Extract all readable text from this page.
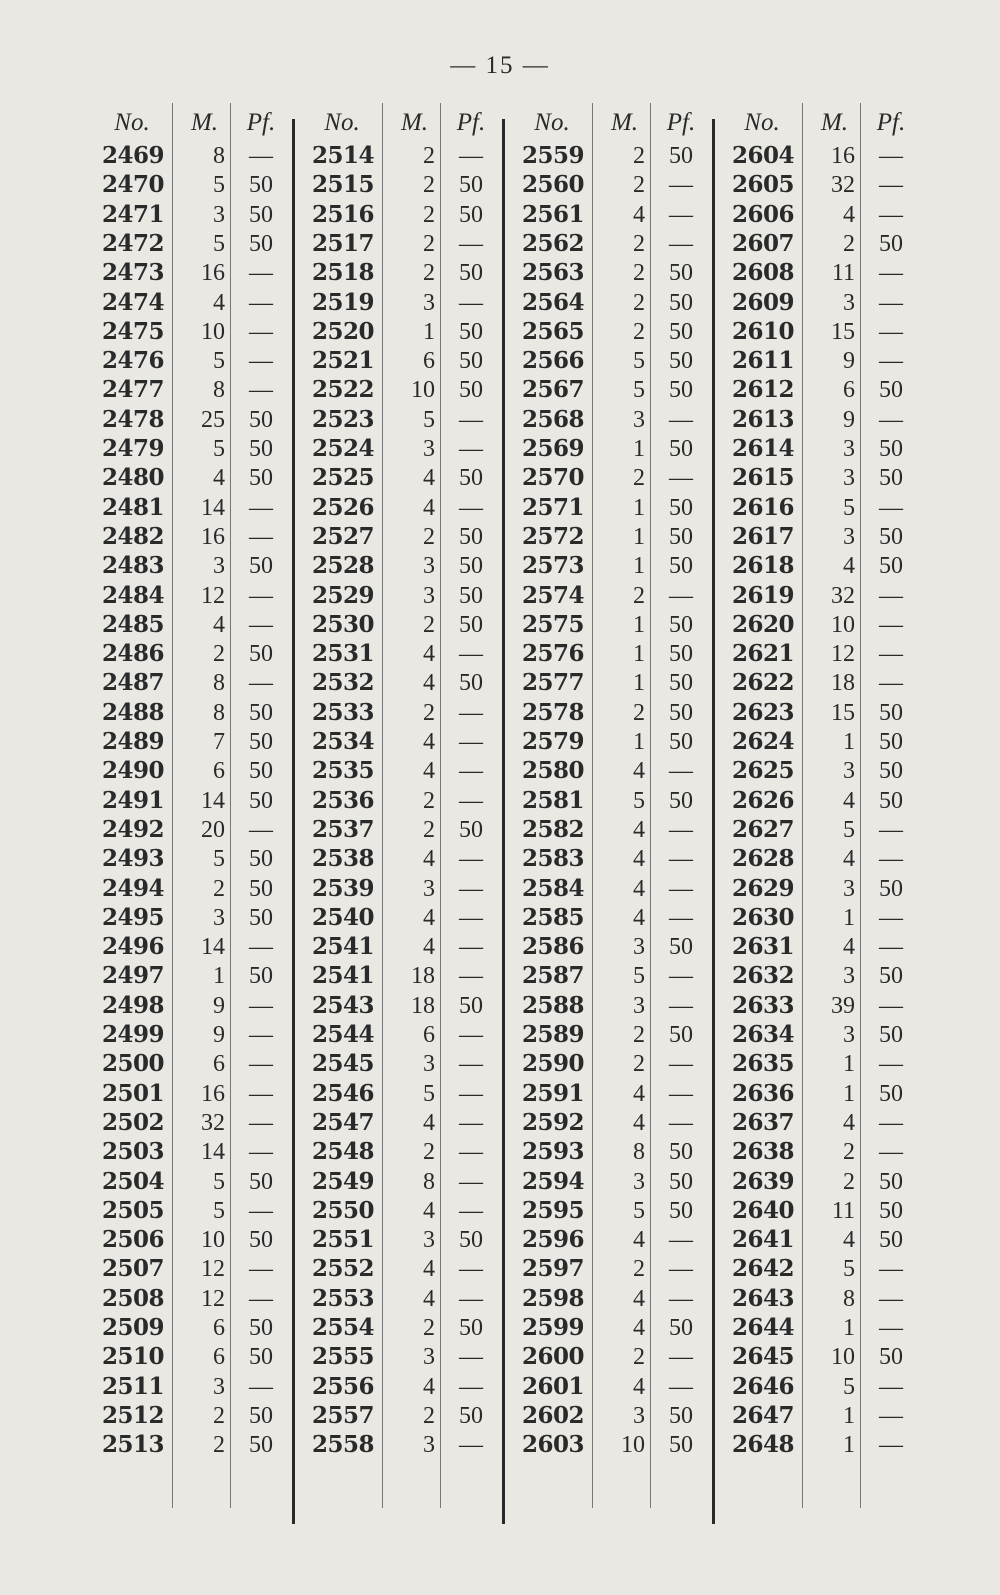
— 15 —
No.	M.	Pf.
2469	8	—
2470	5	50
2471	3	50
2472	5	50
2473	16	—
2474	4	—
2475	10	—
2476	5	—
2477	8	—
2478	25	50
2479	5	50
2480	4	50
2481	14	—
2482	16	—
2483	3	50
2484	12	—
2485	4	—
2486	2	50
2487	8	—
2488	8	50
2489	7	50
2490	6	50
2491	14	50
2492	20	—
2493	5	50
2494	2	50
2495	3	50
2496	14	—
2497	1	50
2498	9	—
2499	9	—
2500	6	—
2501	16	—
2502	32	—
2503	14	—
2504	5	50
2505	5	—
2506	10	50
2507	12	—
2508	12	—
2509	6	50
2510	6	50
2511	3	—
2512	2	50
2513	2	50
No.	M.	Pf.
2514	2	—
2515	2	50
2516	2	50
2517	2	—
2518	2	50
2519	3	—
2520	1	50
2521	6	50
2522	10	50
2523	5	—
2524	3	—
2525	4	50
2526	4	—
2527	2	50
2528	3	50
2529	3	50
2530	2	50
2531	4	—
2532	4	50
2533	2	—
2534	4	—
2535	4	—
2536	2	—
2537	2	50
2538	4	—
2539	3	—
2540	4	—
2541	4	—
2541	18	—
2543	18	50
2544	6	—
2545	3	—
2546	5	—
2547	4	—
2548	2	—
2549	8	—
2550	4	—
2551	3	50
2552	4	—
2553	4	—
2554	2	50
2555	3	—
2556	4	—
2557	2	50
2558	3	—
No.	M.	Pf.
2559	2	50
2560	2	—
2561	4	—
2562	2	—
2563	2	50
2564	2	50
2565	2	50
2566	5	50
2567	5	50
2568	3	—
2569	1	50
2570	2	—
2571	1	50
2572	1	50
2573	1	50
2574	2	—
2575	1	50
2576	1	50
2577	1	50
2578	2	50
2579	1	50
2580	4	—
2581	5	50
2582	4	—
2583	4	—
2584	4	—
2585	4	—
2586	3	50
2587	5	—
2588	3	—
2589	2	50
2590	2	—
2591	4	—
2592	4	—
2593	8	50
2594	3	50
2595	5	50
2596	4	—
2597	2	—
2598	4	—
2599	4	50
2600	2	—
2601	4	—
2602	3	50
2603	10	50
No.	M.	Pf.
2604	16	—
2605	32	—
2606	4	—
2607	2	50
2608	11	—
2609	3	—
2610	15	—
2611	9	—
2612	6	50
2613	9	—
2614	3	50
2615	3	50
2616	5	—
2617	3	50
2618	4	50
2619	32	—
2620	10	—
2621	12	—
2622	18	—
2623	15	50
2624	1	50
2625	3	50
2626	4	50
2627	5	—
2628	4	—
2629	3	50
2630	1	—
2631	4	—
2632	3	50
2633	39	—
2634	3	50
2635	1	—
2636	1	50
2637	4	—
2638	2	—
2639	2	50
2640	11	50
2641	4	50
2642	5	—
2643	8	—
2644	1	—
2645	10	50
2646	5	—
2647	1	—
2648	1	—
